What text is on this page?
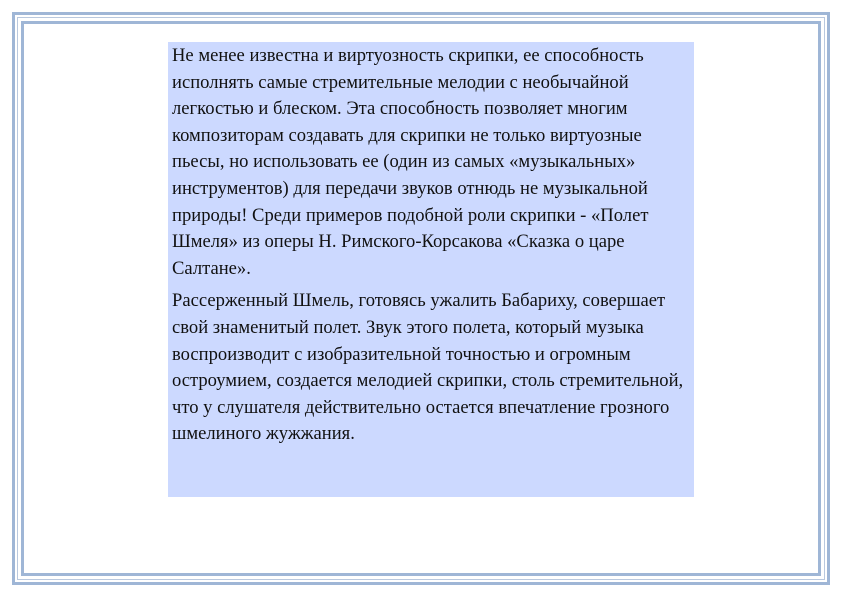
Не менее известна и виртуозность скрипки, ее способность исполнять самые стремительные мелодии с необычайной легкостью и блеском. Эта способность позволяет многим композиторам создавать для скрипки не только виртуозные пьесы, но использовать ее (один из самых «музыкальных» инструментов) для передачи звуков отнюдь не музыкальной природы! Среди примеров подобной роли скрипки - «Полет Шмеля» из оперы Н. Римского-Корсакова «Сказка о царе Салтане».

Рассерженный Шмель, готовясь ужалить Бабариху, совершает свой знаменитый полет. Звук этого полета, который музыка воспроизводит с изобразительной точностью и огромным остроумием, создается мелодией скрипки, столь стремительной, что у слушателя действительно остается впечатление грозного шмелиного жужжания.
